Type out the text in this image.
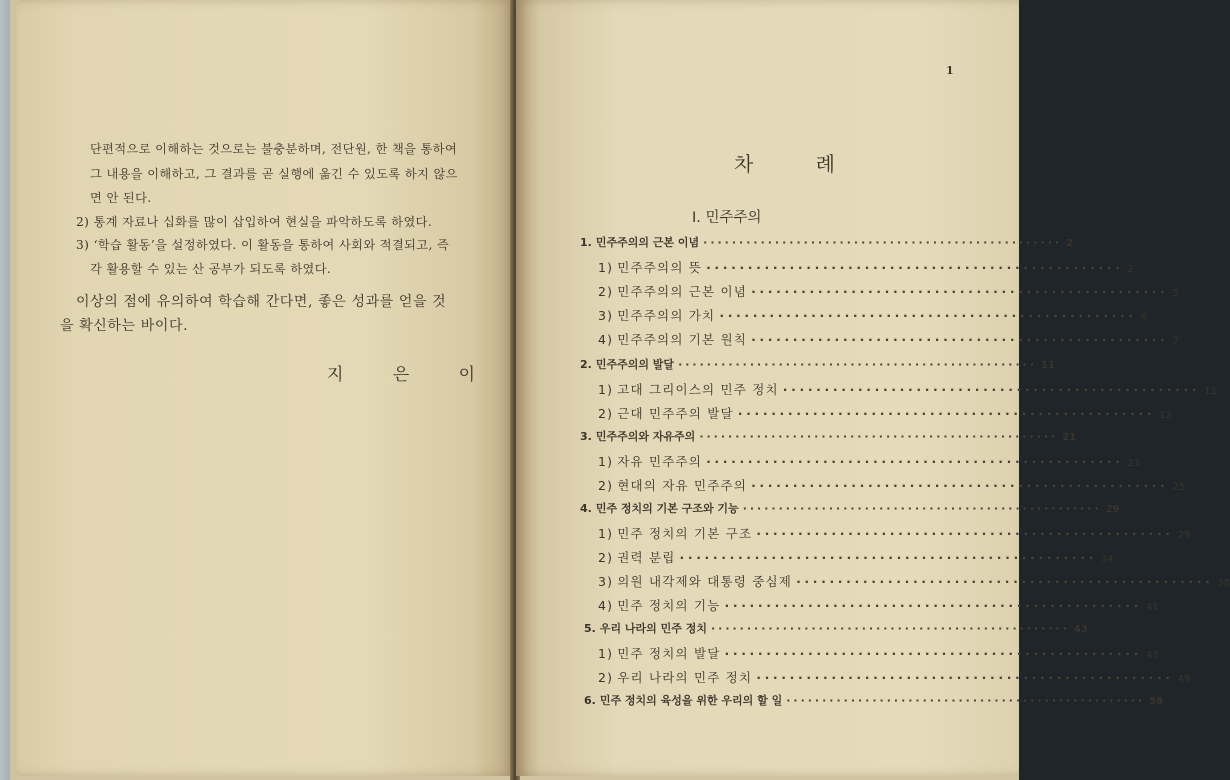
단편적으로 이해하는 것으로는 불충분하며, 전단원, 한 책을 통하여
그 내용을 이해하고, 그 결과를 곧 실행에 옮긴 수 있도록 하지 않으
면 안 된다.
2) 통계 자료나 십화를 많이 삽입하여 현실을 파악하도록 하였다.
3) ‘학습 활동’을 설정하였다. 이 활동을 통하여 사회와 적결되고, 즉
각 활용할 수 있는 산 공부가 되도록 하였다.
이상의 점에 유의하여 학습해 간다면, 좋은 성과를 얻을 것
을 확신하는 바이다.
지 은 이
1
차 례
Ⅰ. 민주주의
1. 민주주의의 근본 이념 ·················································· 2
1) 민주주의의 뜻 ·················································· 2
2) 민주주의의 근본 이념 ·················································· 3
3) 민주주의의 가치 ·················································· 6
4) 민주주의의 기본 원칙 ·················································· 7
2. 민주주의의 발달 ·················································· 11
1) 고대 그리이스의 민주 정치 ·················································· 11
2) 근대 민주주의 발달 ·················································· 12
3. 민주주의와 자유주의 ·················································· 21
1) 자유 민주주의 ·················································· 21
2) 현대의 자유 민주주의 ·················································· 25
4. 민주 정치의 기본 구조와 기능 ·················································· 29
1) 민주 정치의 기본 구조 ·················································· 29
2) 권력 분립 ·················································· 34
3) 의원 내각제와 대통령 중심제 ·················································· 38
4) 민주 정치의 기능 ·················································· 41
5. 우리 나라의 민주 정치 ·················································· 43
1) 민주 정치의 발달 ·················································· 43
2) 우리 나라의 민주 정치 ·················································· 49
6. 민주 정치의 육성을 위한 우리의 할 일 ·················································· 58
